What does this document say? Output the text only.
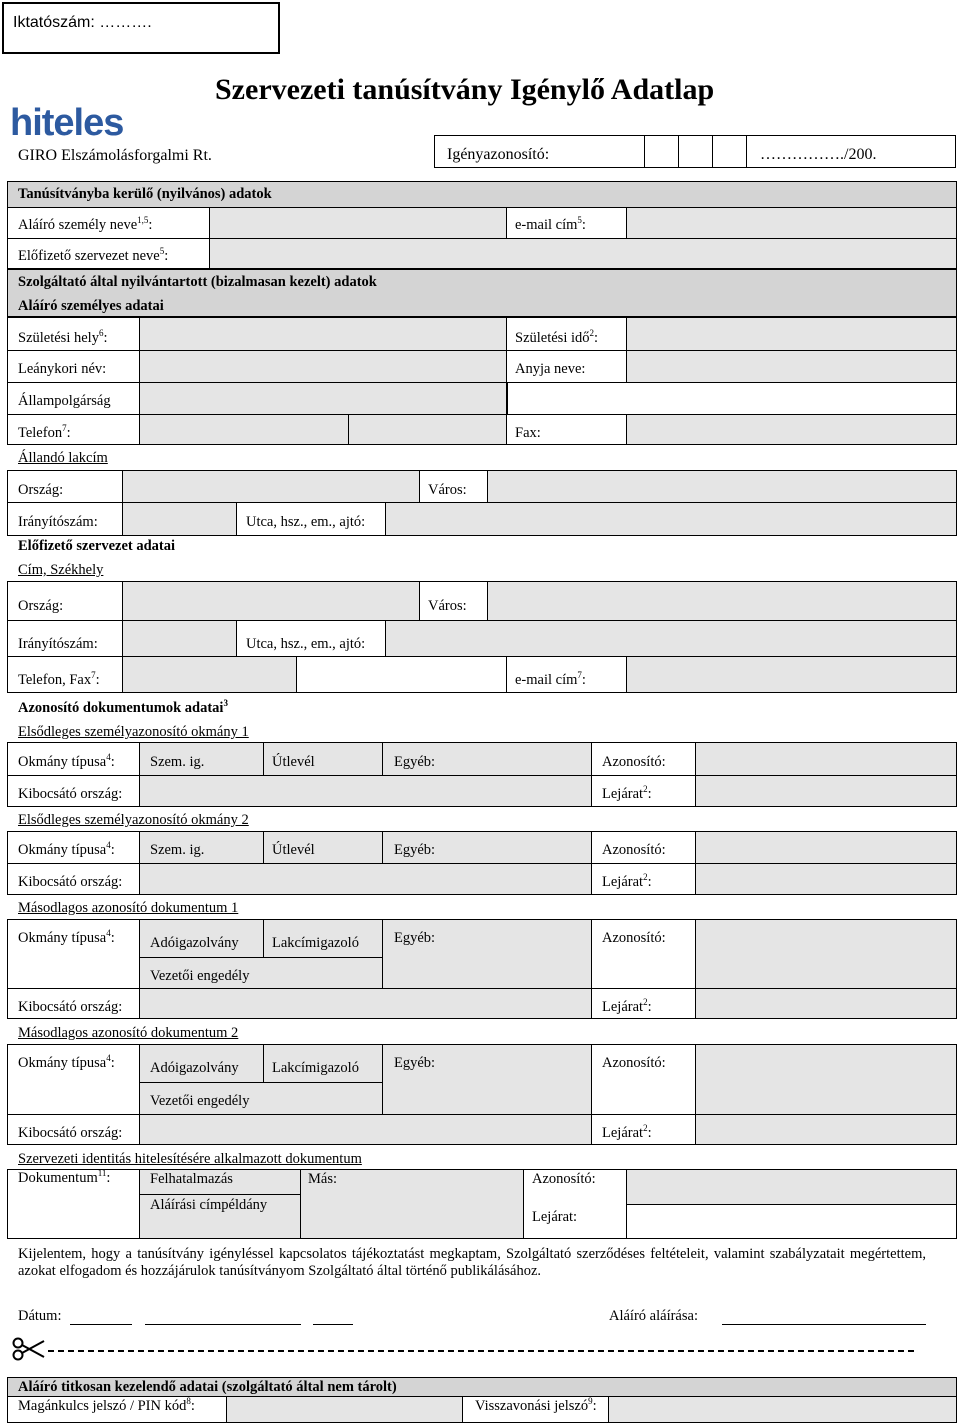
Iktatószám: ……….
Szervezeti tanúsítvány Igénylő Adatlap
hiteles
GIRO Elszámolásforgalmi Rt.	Igényazonosító:	……………./200.
Tanúsítványba kerülő (nyilvános) adatok
Aláíró személy neve$^{1,5}$:	e-mail cím$^5$:
Előfizető szervezet neve$^5$:
Szolgáltató által nyilvántartott (bizalmasan kezelt) adatok
Aláíró személyes adatai
Születési hely$^6$:	Születési idő$^2$:
Leánykori név:	Anyja neve:
Állampolgárság
Telefon$^7$:	Fax:
Állandó lakcím
Ország:	Város:
Irányítószám:	Utca, hsz., em., ajtó:
Előfizető szervezet adatai
Cím, Székhely
Ország:	Város:
Irányítószám:	Utca, hsz., em., ajtó:
Telefon, Fax$^7$:	e-mail cím$^7$:
Azonosító dokumentumok adatai$^3$
Elsődleges személyazonosító okmány 1
Okmány típusa$^4$: Szem. ig.	Útlevél	Egyéb:	Azonosító:
Kibocsátó ország:	Lejárat$^2$:
Elsődleges személyazonosító okmány 2
Okmány típusa$^4$: Szem. ig.	Útlevél	Egyéb:	Azonosító:
Kibocsátó ország:	Lejárat$^2$:
Másodlagos azonosító dokumentum 1
Okmány típusa$^4$: Adóigazolvány Lakcímigazoló
Vezetői engedély
Egyéb:	Azonosító:
Kibocsátó ország:	Lejárat$^2$:
Másodlagos azonosító dokumentum 2
Okmány típusa$^4$: Adóigazolvány Lakcímigazoló
Vezetői engedély
Egyéb:	Azonosító:
Kibocsátó ország:	Lejárat$^2$:
Szervezeti identitás hitelesítésére alkalmazott dokumentum
Dokumentum$^{11}$:	Felhatalmazás
Aláírási címpéldány
Más:	Azonosító:
Lejárat:
Kijelentem, hogy a tanúsítvány igényléssel kapcsolatos tájékoztatást megkaptam, Szolgáltató szerződéses feltételeit, valamint szabályzatait megértettem, azokat elfogadom és hozzájárulok tanúsítványom Szolgáltató által történő publikálásához.
Dátum:	Aláíró aláírása:
Aláíró titkosan kezelendő adatai (szolgáltató által nem tárolt)
Magánkulcs jelszó / PIN kód$^8$:	Visszavonási jelszó$^9$:
